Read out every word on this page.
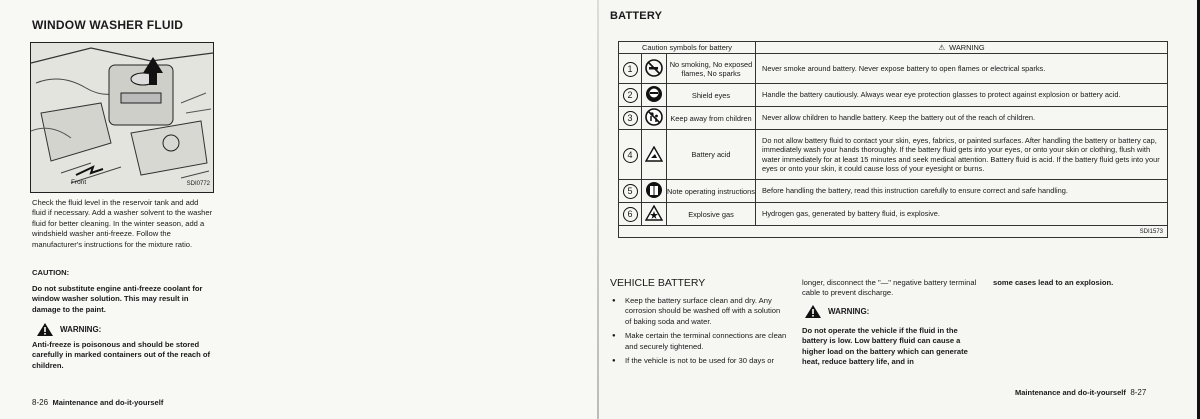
WINDOW WASHER FLUID
Front	SDI0772

Check the fluid level in the reservoir tank and add fluid if necessary. Add a washer solvent to the washer fluid for better cleaning. In the winter season, add a windshield washer anti-freeze. Follow the manufacturer's instructions for the mixture ratio.

CAUTION:

Do not substitute engine anti-freeze coolant for window washer solution. This may result in damage to the paint.

WARNING:

Anti-freeze is poisonous and should be stored carefully in marked containers out of the reach of children.

8-26 Maintenance and do-it-yourself
BATTERY
Caution symbols for battery			⚠ WARNING
1		No smoking, No exposed flames, No sparks	Never smoke around battery. Never expose battery to open flames or electrical sparks.
2		Shield eyes	Handle the battery cautiously. Always wear eye protection glasses to protect against explosion or battery acid.
3		Keep away from children	Never allow children to handle battery. Keep the battery out of the reach of children.
4		Battery acid	Do not allow battery fluid to contact your skin, eyes, fabrics, or painted surfaces. After handling the battery or battery cap, immediately wash your hands thoroughly. If the battery fluid gets into your eyes, or onto your skin or clothing, flush with water immediately for at least 15 minutes and seek medical attention. Battery fluid is acid. If the battery fluid gets into your eyes or onto your skin, it could cause loss of your eyesight or burns.
5		Note operating instructions	Before handling the battery, read this instruction carefully to ensure correct and safe handling.
6		Explosive gas	Hydrogen gas, generated by battery fluid, is explosive.
SDI1573			
VEHICLE BATTERY
● Keep the battery surface clean and dry. Any corrosion should be washed off with a solution of baking soda and water.
● Make certain the terminal connections are clean and securely tightened.
● If the vehicle is not to be used for 30 days or

longer, disconnect the "—" negative battery terminal cable to prevent discharge.

WARNING:

Do not operate the vehicle if the fluid in the battery is low. Low battery fluid can cause a higher load on the battery which can generate heat, reduce battery life, and in

some cases lead to an explosion.

Maintenance and do-it-yourself 8-27
